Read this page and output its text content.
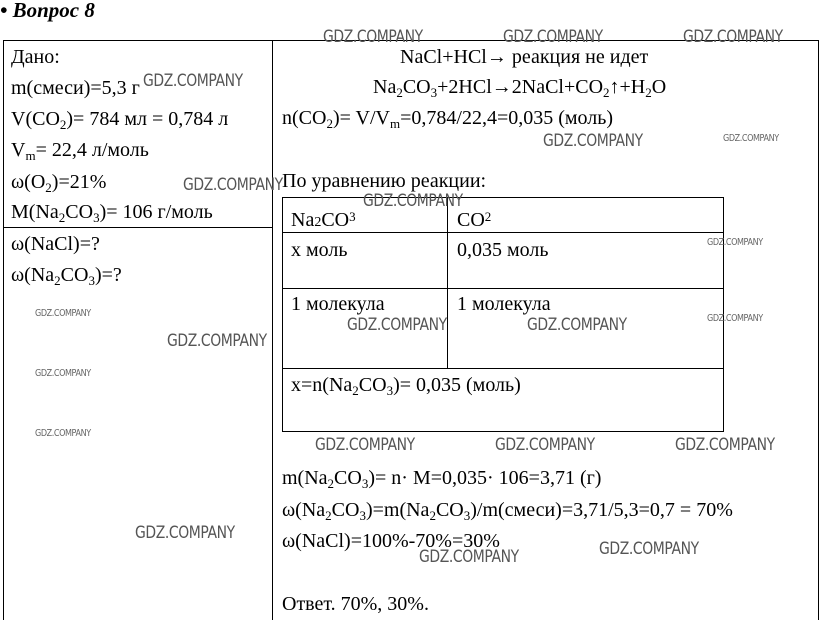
• Вопрос 8
Дано:
m(смеси)=5,3 г
$V(CO_2)= 784$ мл = 0,784 л
$V_m= 22,4$ л/моль
$\omega(O_2)=21\%$
$M(Na_2CO_3)= 106$ г/моль
ω(NaCl)=?
$\omega(Na_2CO_3)=$?
NaCl+HCl→ реакция не идет
$Na_2CO_3+2HCl\to 2NaCl+CO_2↑+H_2O$
$n(CO_2)= V/V_m=0,784/22,4=0,035$ (моль)
По уравнению реакции:
$Na2CO^3$	$CO^2$
х моль	0,035 моль
1 молекула	1 молекула
$x=n(Na_2CO_3)= 0,035$ (моль)
$m(Na_2CO_3)= n\cdot M=0,035\cdot 106=3,71$ (г)
$\omega(Na_2CO_3)=m(Na_2CO_3)/m(смеси)=3,71/5,3=0,7 = 70\%$
ω(NaCl)=100%-70%=30%
Ответ. 70%, 30%.
GDZ.COMPANY	GDZ.COMPANY	GDZ.COMPANY
GDZ.COMPANY
GDZ.COMPANY	GDZ.COMPANY
GDZ.COMPANY
GDZ.COMPANY
GDZ.COMPANY
GDZ.COMPANY	GDZ.COMPANY
GDZ.COMPANY	GDZ.COMPANY
GDZ.COMPANY
GDZ.COMPANY
GDZ.COMPANY
GDZ.COMPANY	GDZ.COMPANY	GDZ.COMPANY
GDZ.COMPANY
GDZ.COMPANY
GDZ.COMPANY
